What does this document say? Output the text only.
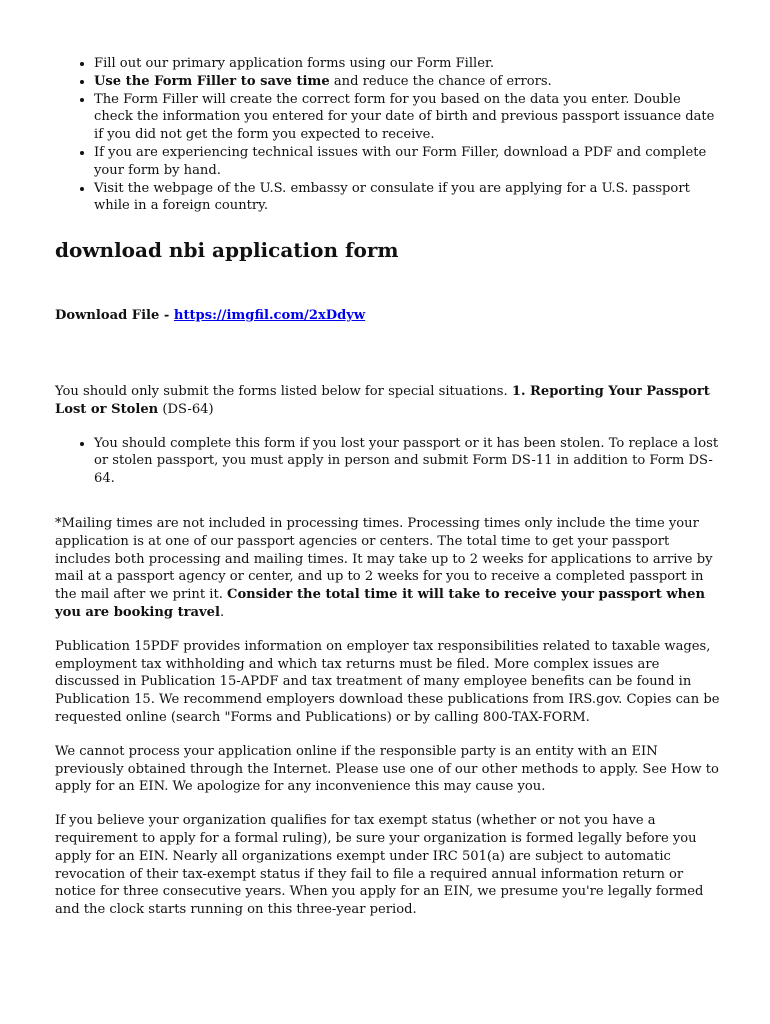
• Fill out our primary application forms using our Form Filler.
• Use the Form Filler to save time and reduce the chance of errors.
• The Form Filler will create the correct form for you based on the data you enter. Double check the information you entered for your date of birth and previous passport issuance date if you did not get the form you expected to receive.
• If you are experiencing technical issues with our Form Filler, download a PDF and complete your form by hand.
• Visit the webpage of the U.S. embassy or consulate if you are applying for a U.S. passport while in a foreign country.
download nbi application form

Download File - https://imgfil.com/2xDdyw

You should only submit the forms listed below for special situations. 1. Reporting Your Passport Lost or Stolen (DS-64)

• You should complete this form if you lost your passport or it has been stolen. To replace a lost or stolen passport, you must apply in person and submit Form DS-11 in addition to Form DS-64.

*Mailing times are not included in processing times. Processing times only include the time your application is at one of our passport agencies or centers. The total time to get your passport includes both processing and mailing times. It may take up to 2 weeks for applications to arrive by mail at a passport agency or center, and up to 2 weeks for you to receive a completed passport in the mail after we print it. Consider the total time it will take to receive your passport when you are booking travel.

Publication 15PDF provides information on employer tax responsibilities related to taxable wages, employment tax withholding and which tax returns must be filed. More complex issues are discussed in Publication 15-APDF and tax treatment of many employee benefits can be found in Publication 15. We recommend employers download these publications from IRS.gov. Copies can be requested online (search "Forms and Publications) or by calling 800-TAX-FORM.

We cannot process your application online if the responsible party is an entity with an EIN previously obtained through the Internet. Please use one of our other methods to apply. See How to apply for an EIN. We apologize for any inconvenience this may cause you.

If you believe your organization qualifies for tax exempt status (whether or not you have a requirement to apply for a formal ruling), be sure your organization is formed legally before you apply for an EIN. Nearly all organizations exempt under IRC 501(a) are subject to automatic revocation of their tax-exempt status if they fail to file a required annual information return or notice for three consecutive years. When you apply for an EIN, we presume you're legally formed and the clock starts running on this three-year period.
